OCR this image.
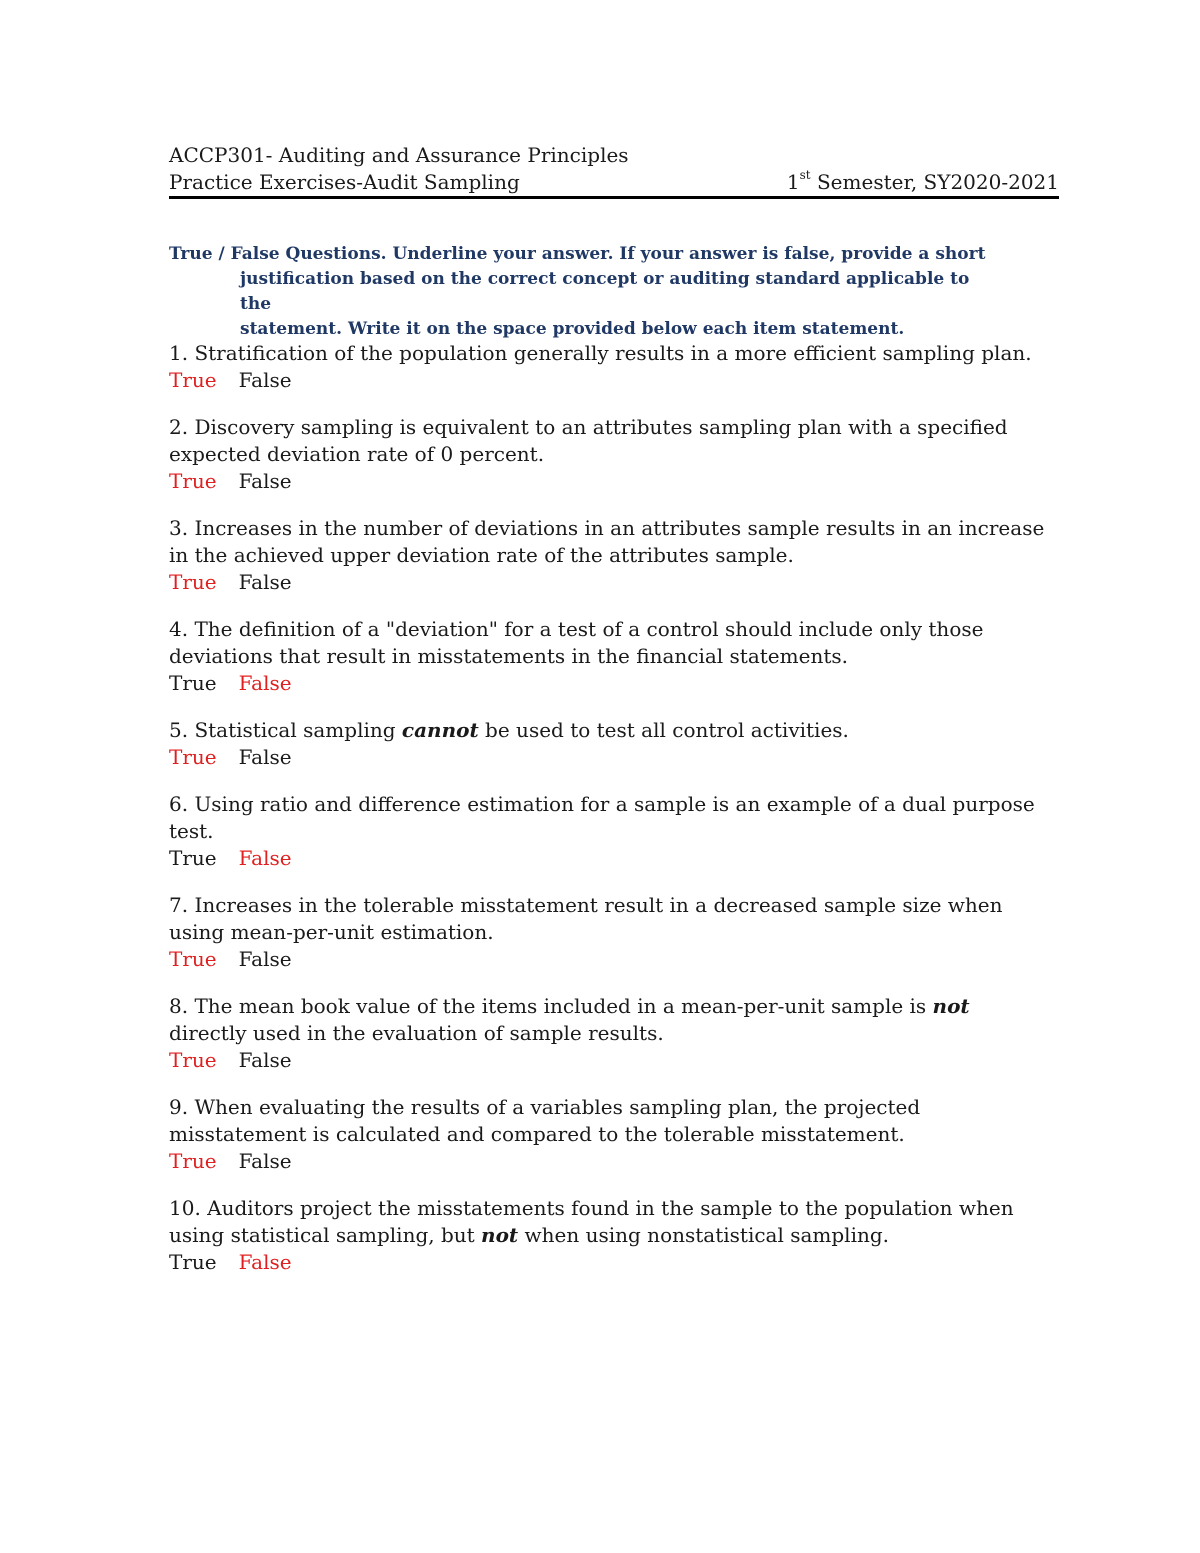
ACCP301- Auditing and Assurance Principles
Practice Exercises-Audit Sampling	1st Semester, SY2020-2021
True / False Questions. Underline your answer. If your answer is false, provide a short
justification based on the correct concept or auditing standard applicable to the
statement. Write it on the space provided below each item statement.
1. Stratification of the population generally results in a more efficient sampling plan.
True False
2. Discovery sampling is equivalent to an attributes sampling plan with a specified expected deviation rate of 0 percent.
True False
3. Increases in the number of deviations in an attributes sample results in an increase in the achieved upper deviation rate of the attributes sample.
True False
4. The definition of a "deviation" for a test of a control should include only those deviations that result in misstatements in the financial statements.
True False
5. Statistical sampling cannot be used to test all control activities.
True False
6. Using ratio and difference estimation for a sample is an example of a dual purpose test.
True False
7. Increases in the tolerable misstatement result in a decreased sample size when using mean-per-unit estimation.
True False
8. The mean book value of the items included in a mean-per-unit sample is not directly used in the evaluation of sample results.
True False
9. When evaluating the results of a variables sampling plan, the projected misstatement is calculated and compared to the tolerable misstatement.
True False
10. Auditors project the misstatements found in the sample to the population when using statistical sampling, but not when using nonstatistical sampling.
True False
